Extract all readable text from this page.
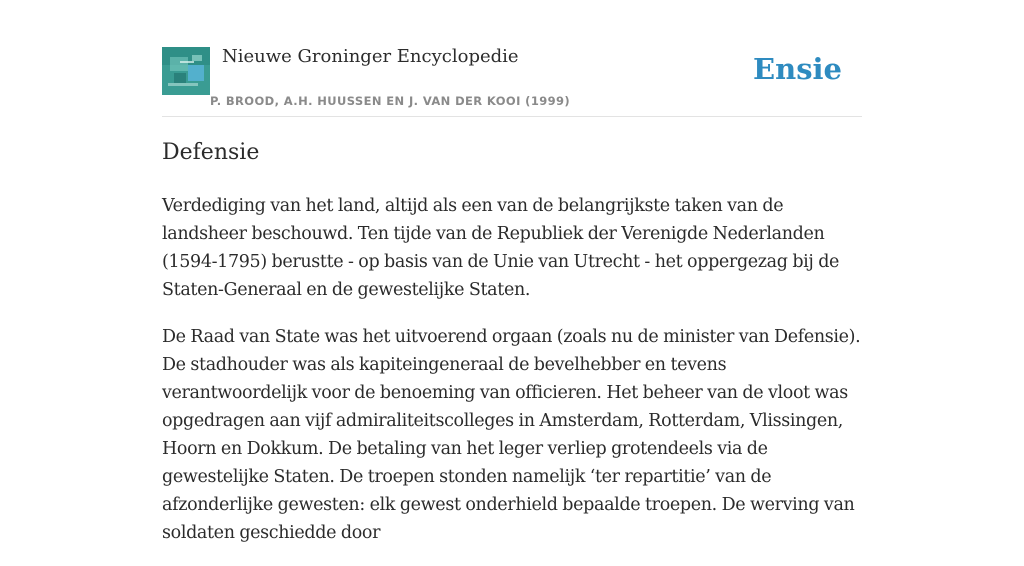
Nieuwe Groninger Encyclopedie
P. BROOD, A.H. HUUSSEN EN J. VAN DER KOOI (1999)
Ensie
Defensie

Verdediging van het land, altijd als een van de belangrijkste taken van de landsheer beschouwd. Ten tijde van de Republiek der Verenigde Nederlanden (1594-1795) berustte - op basis van de Unie van Utrecht - het oppergezag bij de Staten-Generaal en de gewestelijke Staten.

De Raad van State was het uitvoerend orgaan (zoals nu de minister van Defensie). De stadhouder was als kapiteingeneraal de bevelhebber en tevens verantwoordelijk voor de benoeming van officieren. Het beheer van de vloot was opgedragen aan vijf admiraliteitscolleges in Amsterdam, Rotterdam, Vlissingen, Hoorn en Dokkum. De betaling van het leger verliep grotendeels via de gewestelijke Staten. De troepen stonden namelijk ‘ter repartitie’ van de afzonderlijke gewesten: elk gewest onderhield bepaalde troepen. De werving van soldaten geschiedde door
